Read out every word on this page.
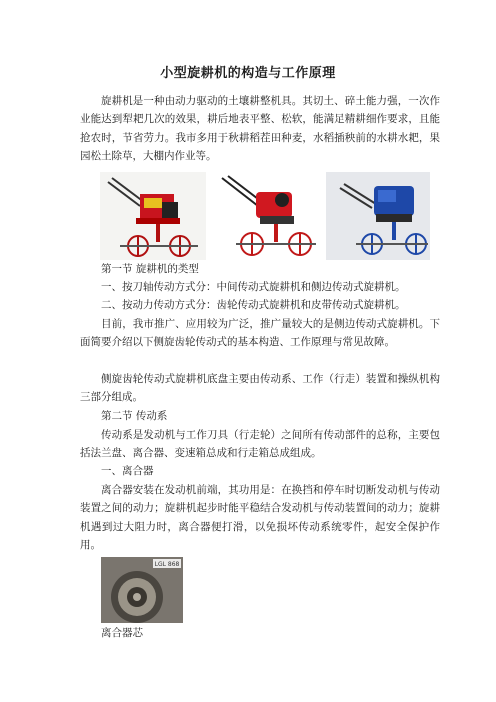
小型旋耕机的构造与工作原理

旋耕机是一种由动力驱动的土壤耕整机具。其切土、碎土能力强，一次作业能达到犁耙几次的效果，耕后地表平整、松软，能满足精耕细作要求，且能抢农时，节省劳力。我市多用于秋耕稻茬田种麦，水稻插秧前的水耕水耙，果园松土除草，大棚内作业等。

第一节 旋耕机的类型
一、按刀轴传动方式分：中间传动式旋耕机和侧边传动式旋耕机。
二、按动力传动方式分：齿轮传动式旋耕机和皮带传动式旋耕机。

目前，我市推广、应用较为广泛，推广量较大的是侧边传动式旋耕机。下面简要介绍以下侧旋齿轮传动式的基本构造、工作原理与常见故障。

侧旋齿轮传动式旋耕机底盘主要由传动系、工作（行走）装置和操纵机构三部分组成。

第二节 传动系

传动系是发动机与工作刀具（行走轮）之间所有传动部件的总称，主要包括法兰盘、离合器、变速箱总成和行走箱总成组成。

一、离合器

离合器安装在发动机前端，其功用是：在换挡和停车时切断发动机与传动装置之间的动力；旋耕机起步时能平稳结合发动机与传动装置间的动力；旋耕机遇到过大阻力时，离合器便打滑，以免损坏传动系统零件，起安全保护作用。

LGL 868
离合器芯
